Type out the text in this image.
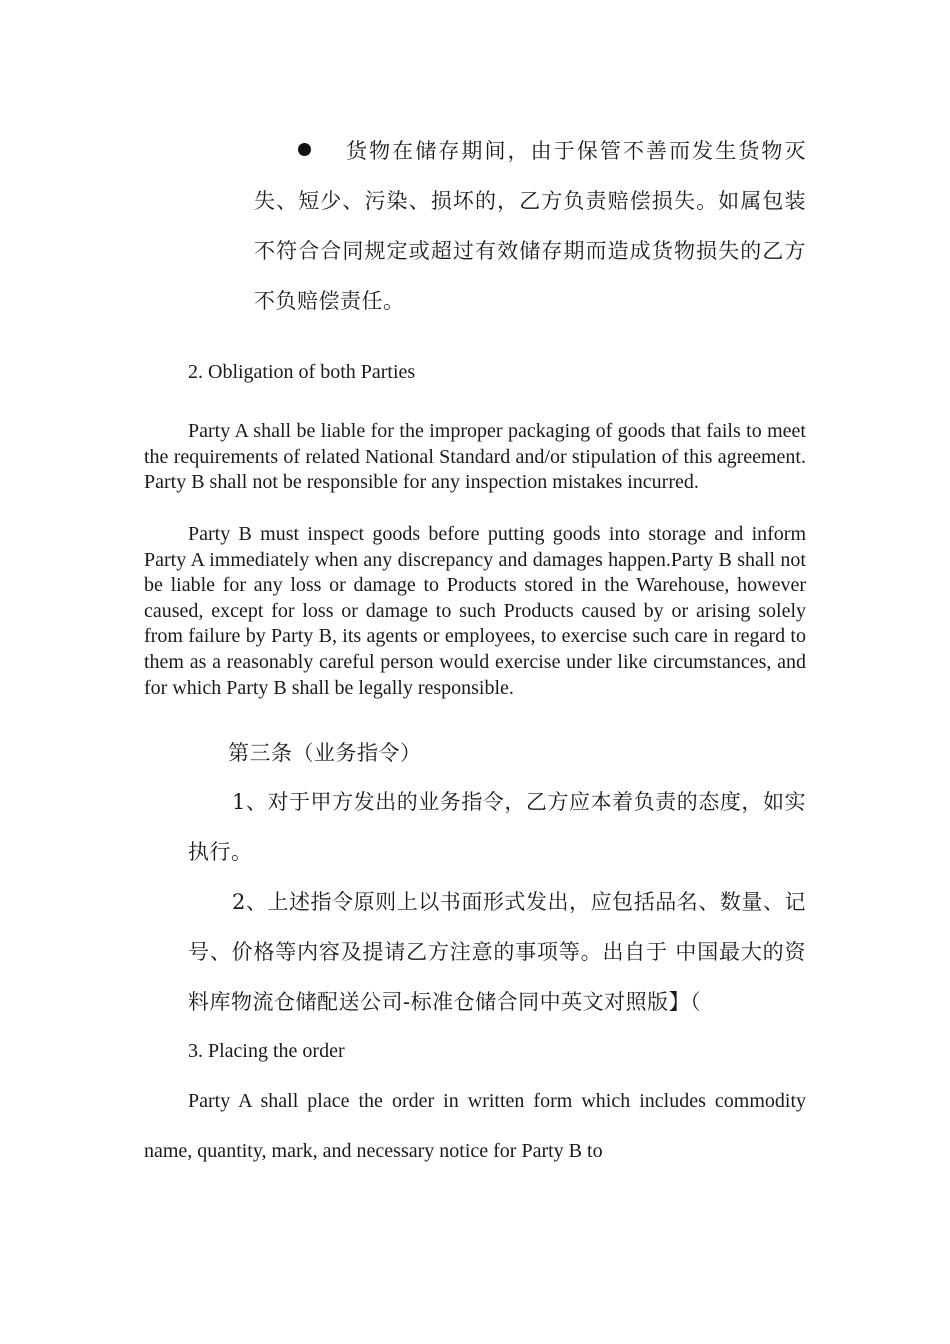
货物在储存期间，由于保管不善而发生货物灭失、短少、污染、损坏的，乙方负责赔偿损失。如属包装不符合合同规定或超过有效储存期而造成货物损失的乙方不负赔偿责任。
2. Obligation of both Parties

Party A shall be liable for the improper packaging of goods that fails to meet the requirements of related National Standard and/or stipulation of this agreement. Party B shall not be responsible for any inspection mistakes incurred.

Party B must inspect goods before putting goods into storage and inform Party A immediately when any discrepancy and damages happen.Party B shall not be liable for any loss or damage to Products stored in the Warehouse, however caused, except for loss or damage to such Products caused by or arising solely from failure by Party B, its agents or employees, to exercise such care in regard to them as a reasonably careful person would exercise under like circumstances, and for which Party B shall be legally responsible.

第三条（业务指令）

1、对于甲方发出的业务指令，乙方应本着负责的态度，如实执行。

2、上述指令原则上以书面形式发出，应包括品名、数量、记号、价格等内容及提请乙方注意的事项等。出自于 中国最大的资料库物流仓储配送公司-标准仓储合同中英文对照版】（

3. Placing the order

Party A shall place the order in written form which includes commodity name, quantity, mark, and necessary notice for Party B to
